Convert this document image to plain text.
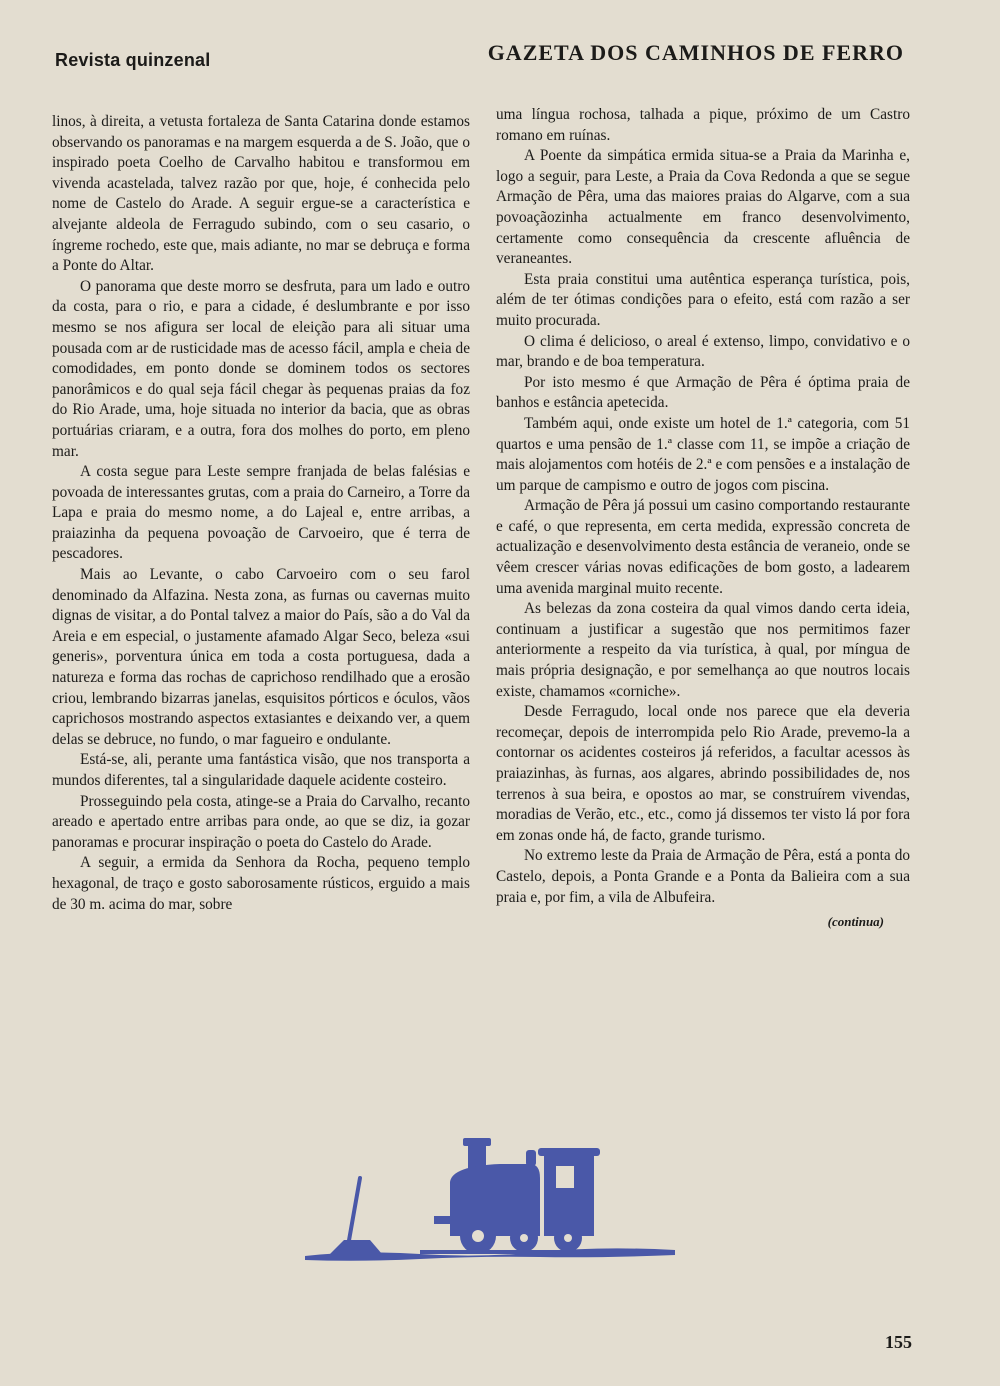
Revista quinzenal	GAZETA DOS CAMINHOS DE FERRO

linos, à direita, a vetusta fortaleza de Santa Catarina donde estamos observando os panoramas e na margem esquerda a de S. João, que o inspirado poeta Coelho de Carvalho habitou e transformou em vivenda acastelada, talvez razão por que, hoje, é conhecida pelo nome de Castelo do Arade. A seguir ergue-se a característica e alvejante aldeola de Ferragudo subindo, com o seu casario, o íngreme rochedo, este que, mais adiante, no mar se debruça e forma a Ponte do Altar.

O panorama que deste morro se desfruta, para um lado e outro da costa, para o rio, e para a cidade, é deslumbrante e por isso mesmo se nos afigura ser local de eleição para ali situar uma pousada com ar de rusticidade mas de acesso fácil, ampla e cheia de comodidades, em ponto donde se dominem todos os sectores panorâmicos e do qual seja fácil chegar às pequenas praias da foz do Rio Arade, uma, hoje situada no interior da bacia, que as obras portuárias criaram, e a outra, fora dos molhes do porto, em pleno mar.

A costa segue para Leste sempre franjada de belas falésias e povoada de interessantes grutas, com a praia do Carneiro, a Torre da Lapa e praia do mesmo nome, a do Lajeal e, entre arribas, a praiazinha da pequena povoação de Carvoeiro, que é terra de pescadores.

Mais ao Levante, o cabo Carvoeiro com o seu farol denominado da Alfazina. Nesta zona, as furnas ou cavernas muito dignas de visitar, a do Pontal talvez a maior do País, são a do Val da Areia e em especial, o justamente afamado Algar Seco, beleza «sui generis», porventura única em toda a costa portuguesa, dada a natureza e forma das rochas de caprichoso rendilhado que a erosão criou, lembrando bizarras janelas, esquisitos pórticos e óculos, vãos caprichosos mostrando aspectos extasiantes e deixando ver, a quem delas se debruce, no fundo, o mar fagueiro e ondulante.

Está-se, ali, perante uma fantástica visão, que nos transporta a mundos diferentes, tal a singularidade daquele acidente costeiro.

Prosseguindo pela costa, atinge-se a Praia do Carvalho, recanto areado e apertado entre arribas para onde, ao que se diz, ia gozar panoramas e procurar inspiração o poeta do Castelo do Arade.

A seguir, a ermida da Senhora da Rocha, pequeno templo hexagonal, de traço e gosto saborosamente rústicos, erguido a mais de 30 m. acima do mar, sobre

uma língua rochosa, talhada a pique, próximo de um Castro romano em ruínas.

A Poente da simpática ermida situa-se a Praia da Marinha e, logo a seguir, para Leste, a Praia da Cova Redonda a que se segue Armação de Pêra, uma das maiores praias do Algarve, com a sua povoaçãozinha actualmente em franco desenvolvimento, certamente como consequência da crescente afluência de veraneantes.

Esta praia constitui uma autêntica esperança turística, pois, além de ter ótimas condições para o efeito, está com razão a ser muito procurada.

O clima é delicioso, o areal é extenso, limpo, convidativo e o mar, brando e de boa temperatura.

Por isto mesmo é que Armação de Pêra é óptima praia de banhos e estância apetecida.

Também aqui, onde existe um hotel de 1.ª categoria, com 51 quartos e uma pensão de 1.ª classe com 11, se impõe a criação de mais alojamentos com hotéis de 2.ª e com pensões e a instalação de um parque de campismo e outro de jogos com piscina.

Armação de Pêra já possui um casino comportando restaurante e café, o que representa, em certa medida, expressão concreta de actualização e desenvolvimento desta estância de veraneio, onde se vêem crescer várias novas edificações de bom gosto, a ladearem uma avenida marginal muito recente.

As belezas da zona costeira da qual vimos dando certa ideia, continuam a justificar a sugestão que nos permitimos fazer anteriormente a respeito da via turística, à qual, por míngua de mais própria designação, e por semelhança ao que noutros locais existe, chamamos «corniche».

Desde Ferragudo, local onde nos parece que ela deveria recomeçar, depois de interrompida pelo Rio Arade, prevemo-la a contornar os acidentes costeiros já referidos, a facultar acessos às praiazinhas, às furnas, aos algares, abrindo possibilidades de, nos terrenos à sua beira, e opostos ao mar, se construírem vivendas, moradias de Verão, etc., etc., como já dissemos ter visto lá por fora em zonas onde há, de facto, grande turismo.

No extremo leste da Praia de Armação de Pêra, está a ponta do Castelo, depois, a Ponta Grande e a Ponta da Balieira com a sua praia e, por fim, a vila de Albufeira.

(continua)
155
